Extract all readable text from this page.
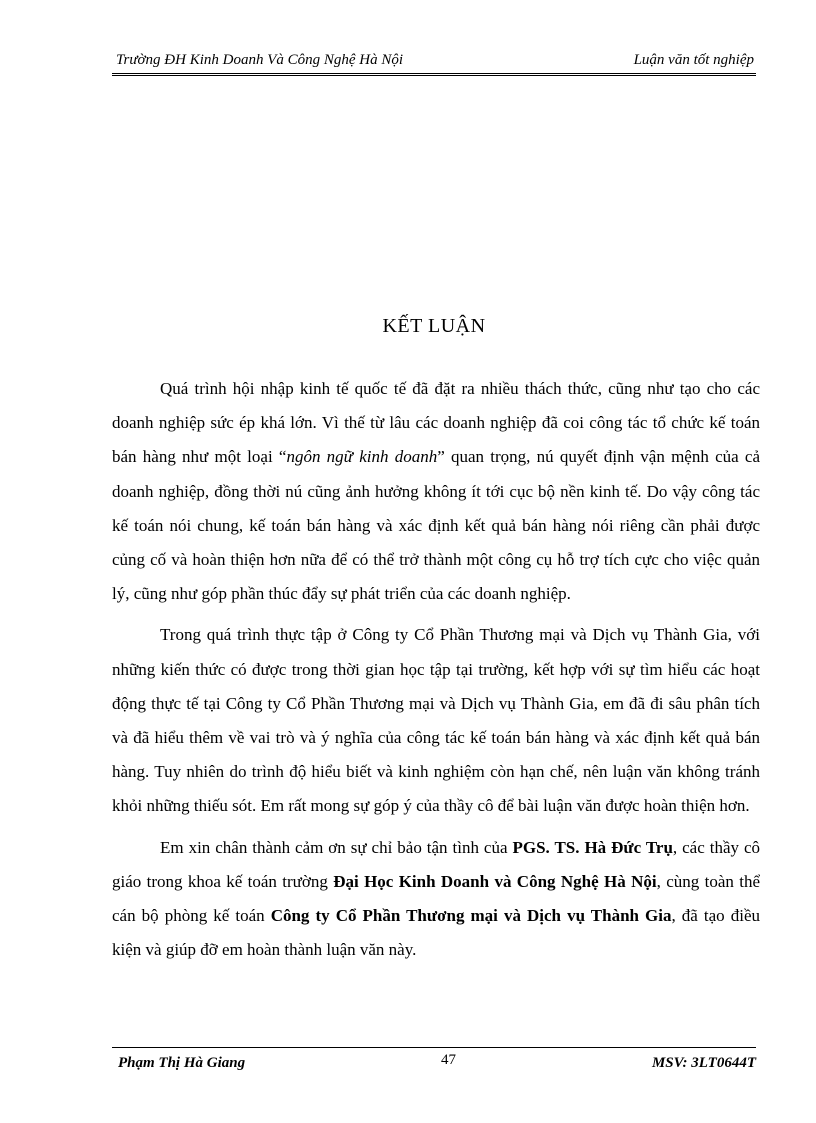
Trường ĐH Kinh Doanh Và Công Nghệ Hà Nội	Luận văn tốt nghiệp
KẾT LUẬN

Quá trình hội nhập kinh tế quốc tế đã đặt ra nhiều thách thức, cũng như tạo cho các doanh nghiệp sức ép khá lớn. Vì thế từ lâu các doanh nghiệp đã coi công tác tổ chức kế toán bán hàng như một loại “ngôn ngữ kinh doanh” quan trọng, nú quyết định vận mệnh của cả doanh nghiệp, đồng thời nú cũng ảnh hưởng không ít tới cục bộ nền kinh tế. Do vậy công tác kế toán nói chung, kế toán bán hàng và xác định kết quả bán hàng nói riêng cần phải được củng cố và hoàn thiện hơn nữa để có thể trở thành một công cụ hỗ trợ tích cực cho việc quản lý, cũng như góp phần thúc đẩy sự phát triển của các doanh nghiệp.

Trong quá trình thực tập ở Công ty Cổ Phần Thương mại và Dịch vụ Thành Gia, với những kiến thức có được trong thời gian học tập tại trường, kết hợp với sự tìm hiểu các hoạt động thực tế tại Công ty Cổ Phần Thương mại và Dịch vụ Thành Gia, em đã đi sâu phân tích và đã hiểu thêm về vai trò và ý nghĩa của công tác kế toán bán hàng và xác định kết quả bán hàng. Tuy nhiên do trình độ hiểu biết và kinh nghiệm còn hạn chế, nên luận văn không tránh khỏi những thiếu sót. Em rất mong sự góp ý của thầy cô để bài luận văn được hoàn thiện hơn.

Em xin chân thành cảm ơn sự chỉ bảo tận tình của PGS. TS. Hà Đức Trụ, các thầy cô giáo trong khoa kế toán trường Đại Học Kinh Doanh và Công Nghệ Hà Nội, cùng toàn thể cán bộ phòng kế toán Công ty Cổ Phần Thương mại và Dịch vụ Thành Gia, đã tạo điều kiện và giúp đỡ em hoàn thành luận văn này.

Phạm Thị Hà Giang	47	MSV: 3LT0644T
